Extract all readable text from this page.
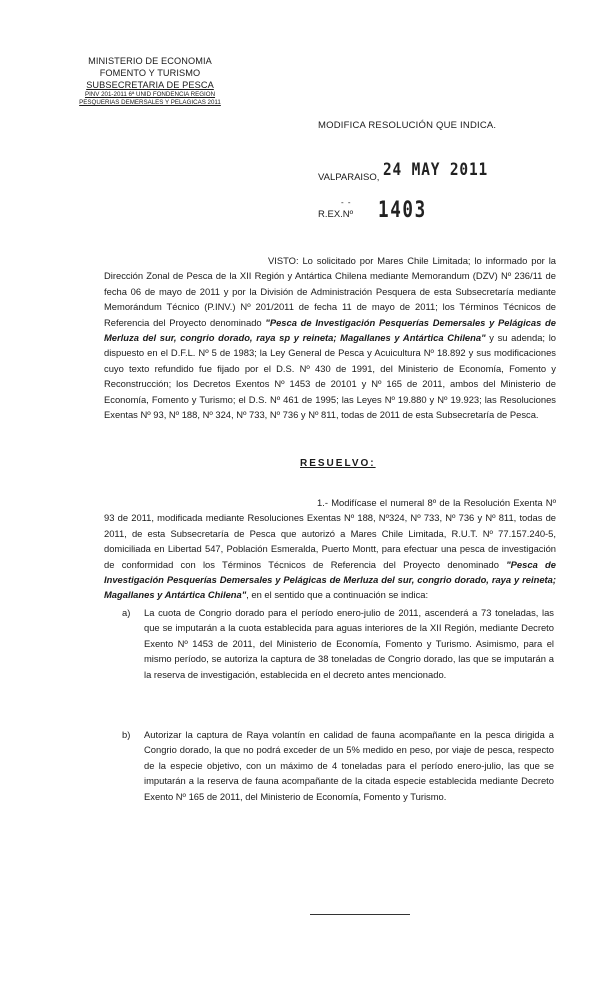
MINISTERIO DE ECONOMIA
FOMENTO Y TURISMO
SUBSECRETARIA DE PESCA
PINV 201-2011 6ª UNID FONDENCIA REGION
PESQUERIAS DEMERSALES Y PELAGICAS 2011
MODIFICA RESOLUCIÓN QUE INDICA.
VALPARAISO, 24 MAY 2011
- -
R.EX.Nº 1403
VISTO: Lo solicitado por Mares Chile Limitada; lo informado por la Dirección Zonal de Pesca de la XII Región y Antártica Chilena mediante Memorandum (DZV) Nº 236/11 de fecha 06 de mayo de 2011 y por la División de Administración Pesquera de esta Subsecretaría mediante Memorándum Técnico (P.INV.) Nº 201/2011 de fecha 11 de mayo de 2011; los Términos Técnicos de Referencia del Proyecto denominado "Pesca de Investigación Pesquerías Demersales y Pelágicas de Merluza del sur, congrio dorado, raya sp y reineta; Magallanes y Antártica Chilena" y su adenda; lo dispuesto en el D.F.L. Nº 5 de 1983; la Ley General de Pesca y Acuicultura Nº 18.892 y sus modificaciones cuyo texto refundido fue fijado por el D.S. Nº 430 de 1991, del Ministerio de Economía, Fomento y Reconstrucción; los Decretos Exentos Nº 1453 de 20101 y Nº 165 de 2011, ambos del Ministerio de Economía, Fomento y Turismo; el D.S. Nº 461 de 1995; las Leyes Nº 19.880 y Nº 19.923; las Resoluciones Exentas Nº 93, Nº 188, Nº 324, Nº 733, Nº 736 y Nº 811, todas de 2011 de esta Subsecretaría de Pesca.
RESUELVO:
1.- Modifícase el numeral 8º de la Resolución Exenta Nº 93 de 2011, modificada mediante Resoluciones Exentas Nº 188, Nº324, Nº 733, Nº 736 y Nº 811, todas de 2011, de esta Subsecretaría de Pesca que autorizó a Mares Chile Limitada, R.U.T. Nº 77.157.240-5, domiciliada en Libertad 547, Población Esmeralda, Puerto Montt, para efectuar una pesca de investigación de conformidad con los Términos Técnicos de Referencia del Proyecto denominado "Pesca de Investigación Pesquerías Demersales y Pelágicas de Merluza del sur, congrio dorado, raya y reineta; Magallanes y Antártica Chilena", en el sentido que a continuación se indica:
a) La cuota de Congrio dorado para el período enero-julio de 2011, ascenderá a 73 toneladas, las que se imputarán a la cuota establecida para aguas interiores de la XII Región, mediante Decreto Exento Nº 1453 de 2011, del Ministerio de Economía, Fomento y Turismo. Asimismo, para el mismo período, se autoriza la captura de 38 toneladas de Congrio dorado, las que se imputarán a la reserva de investigación, establecida en el decreto antes mencionado.
b) Autorizar la captura de Raya volantín en calidad de fauna acompañante en la pesca dirigida a Congrio dorado, la que no podrá exceder de un 5% medido en peso, por viaje de pesca, respecto de la especie objetivo, con un máximo de 4 toneladas para el período enero-julio, las que se imputarán a la reserva de fauna acompañante de la citada especie establecida mediante Decreto Exento Nº 165 de 2011, del Ministerio de Economía, Fomento y Turismo.
